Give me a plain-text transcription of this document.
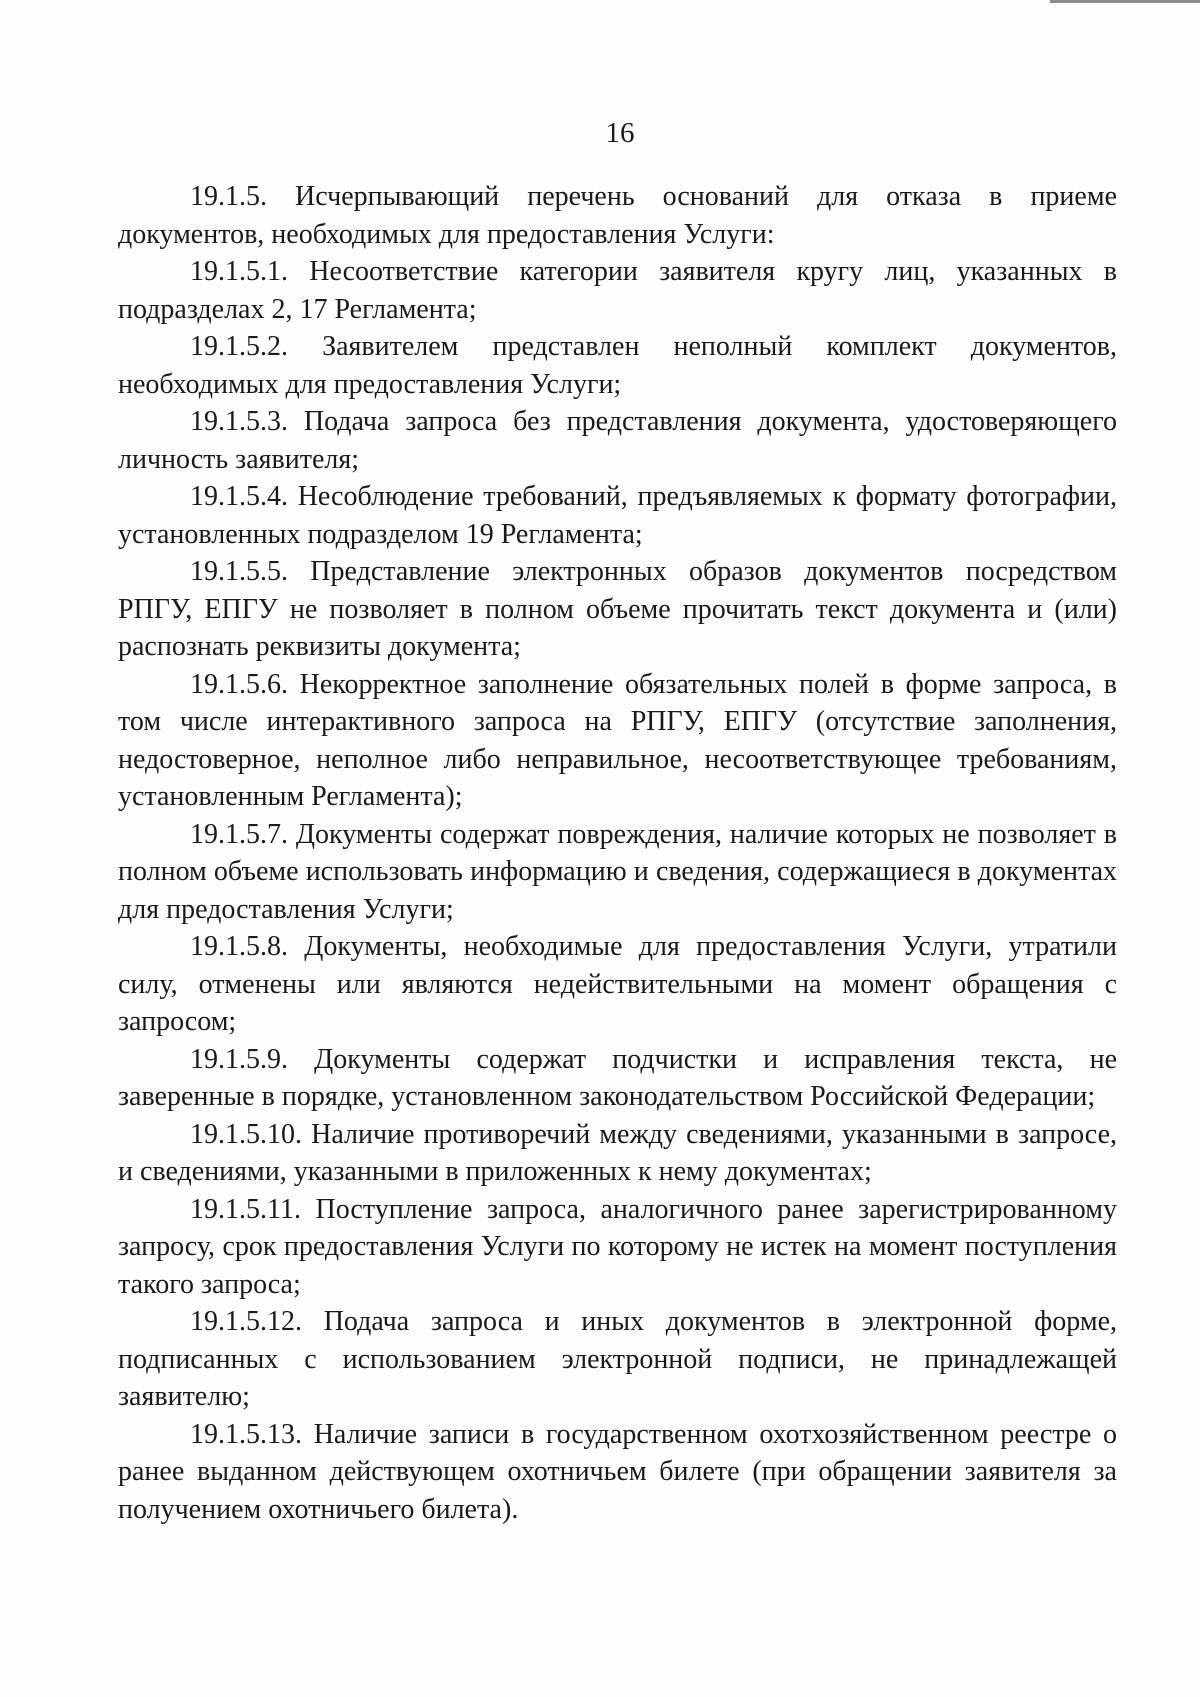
16

19.1.5. Исчерпывающий перечень оснований для отказа в приеме документов, необходимых для предоставления Услуги:

19.1.5.1. Несоответствие категории заявителя кругу лиц, указанных в подразделах 2, 17 Регламента;

19.1.5.2. Заявителем представлен неполный комплект документов, необходимых для предоставления Услуги;

19.1.5.3. Подача запроса без представления документа, удостоверяющего личность заявителя;

19.1.5.4. Несоблюдение требований, предъявляемых к формату фотографии, установленных подразделом 19 Регламента;

19.1.5.5. Представление электронных образов документов посредством РПГУ, ЕПГУ не позволяет в полном объеме прочитать текст документа и (или) распознать реквизиты документа;

19.1.5.6. Некорректное заполнение обязательных полей в форме запроса, в том числе интерактивного запроса на РПГУ, ЕПГУ (отсутствие заполнения, недостоверное, неполное либо неправильное, несоответствующее требованиям, установленным Регламента);

19.1.5.7. Документы содержат повреждения, наличие которых не позволяет в полном объеме использовать информацию и сведения, содержащиеся в документах для предоставления Услуги;

19.1.5.8. Документы, необходимые для предоставления Услуги, утратили силу, отменены или являются недействительными на момент обращения с запросом;

19.1.5.9. Документы содержат подчистки и исправления текста, не заверенные в порядке, установленном законодательством Российской Федерации;

19.1.5.10. Наличие противоречий между сведениями, указанными в запросе, и сведениями, указанными в приложенных к нему документах;

19.1.5.11. Поступление запроса, аналогичного ранее зарегистрированному запросу, срок предоставления Услуги по которому не истек на момент поступления такого запроса;

19.1.5.12. Подача запроса и иных документов в электронной форме, подписанных с использованием электронной подписи, не принадлежащей заявителю;

19.1.5.13. Наличие записи в государственном охотхозяйственном реестре о ранее выданном действующем охотничьем билете (при обращении заявителя за получением охотничьего билета).
